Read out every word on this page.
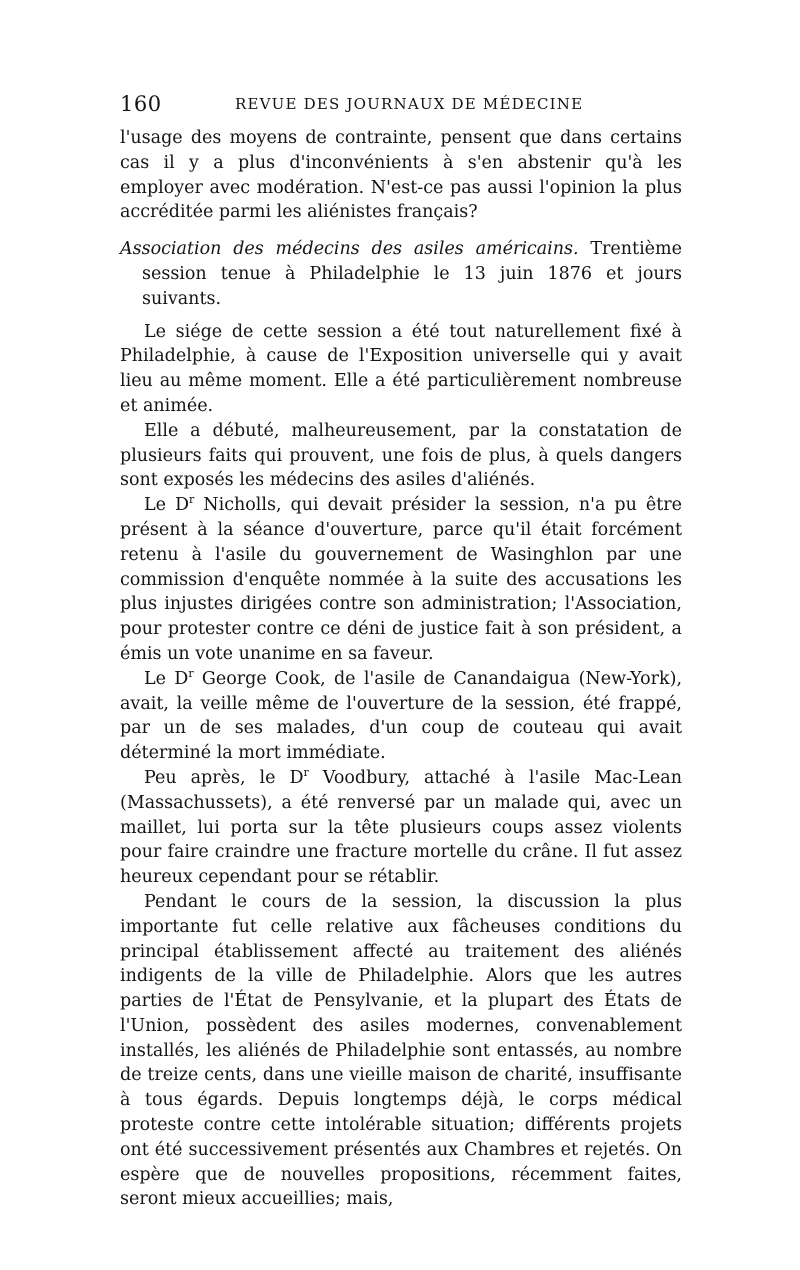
160	REVUE DES JOURNAUX DE MÉDECINE

l'usage des moyens de contrainte, pensent que dans certains cas il y a plus d'inconvénients à s'en abstenir qu'à les employer avec modération. N'est-ce pas aussi l'opinion la plus accréditée parmi les aliénistes français?

Association des médecins des asiles américains. Trentième session tenue à Philadelphie le 13 juin 1876 et jours suivants.

Le siége de cette session a été tout naturellement fixé à Philadelphie, à cause de l'Exposition universelle qui y avait lieu au même moment. Elle a été particulièrement nombreuse et animée.

Elle a débuté, malheureusement, par la constatation de plusieurs faits qui prouvent, une fois de plus, à quels dangers sont exposés les médecins des asiles d'aliénés.

Le $D^r$ Nicholls, qui devait présider la session, n'a pu être présent à la séance d'ouverture, parce qu'il était forcément retenu à l'asile du gouvernement de Wasinghlon par une commission d'enquête nommée à la suite des accusations les plus injustes dirigées contre son administration; l'Association, pour protester contre ce déni de justice fait à son président, a émis un vote unanime en sa faveur.

Le $D^r$ George Cook, de l'asile de Canandaigua (New-York), avait, la veille même de l'ouverture de la session, été frappé, par un de ses malades, d'un coup de couteau qui avait déterminé la mort immédiate.

Peu après, le $D^r$ Voodbury, attaché à l'asile Mac-Lean (Massachussets), a été renversé par un malade qui, avec un maillet, lui porta sur la tête plusieurs coups assez violents pour faire craindre une fracture mortelle du crâne. Il fut assez heureux cependant pour se rétablir.

Pendant le cours de la session, la discussion la plus importante fut celle relative aux fâcheuses conditions du principal établissement affecté au traitement des aliénés indigents de la ville de Philadelphie. Alors que les autres parties de l'État de Pensylvanie, et la plupart des États de l'Union, possèdent des asiles modernes, convenablement installés, les aliénés de Philadelphie sont entassés, au nombre de treize cents, dans une vieille maison de charité, insuffisante à tous égards. Depuis longtemps déjà, le corps médical proteste contre cette intolérable situation; différents projets ont été successivement présentés aux Chambres et rejetés. On espère que de nouvelles propositions, récemment faites, seront mieux accueillies; mais,
